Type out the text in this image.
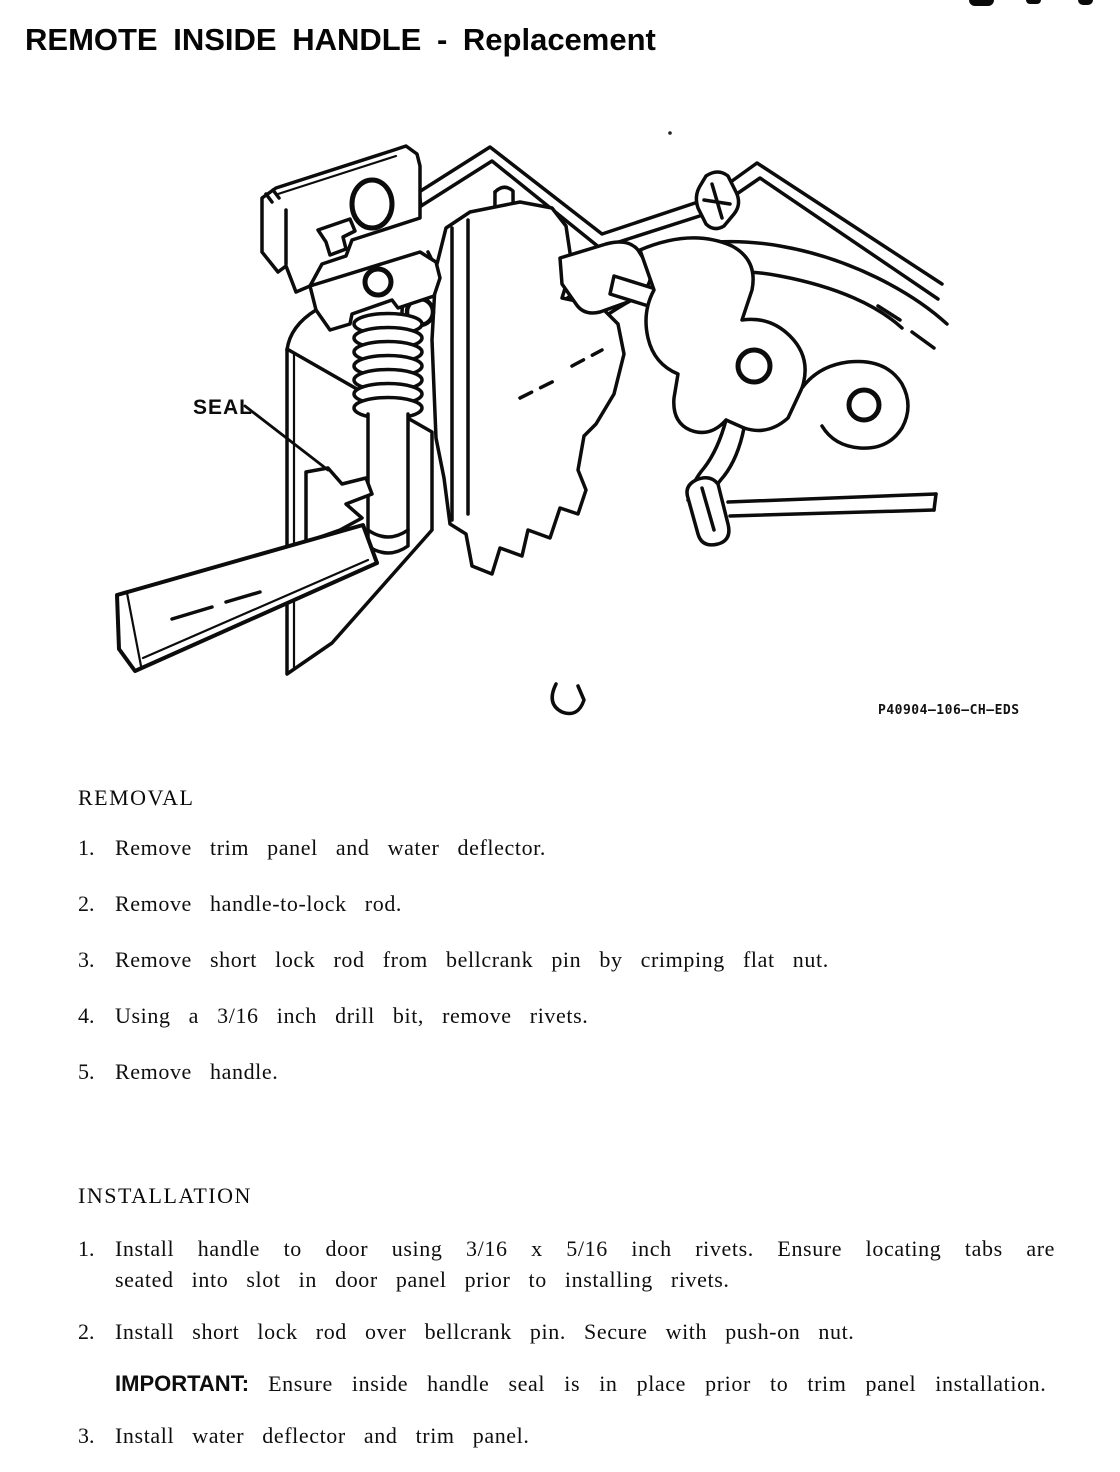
REMOTE INSIDE HANDLE - Replacement
SEAL
P40904–106–CH–EDS
REMOVAL
1. Remove trim panel and water deflector.
2. Remove handle-to-lock rod.
3. Remove short lock rod from bellcrank pin by crimping flat nut.
4. Using a 3/16 inch drill bit, remove rivets.
5. Remove handle.
INSTALLATION
1. Install handle to door using 3/16 x 5/16 inch rivets. Ensure locating tabs are seated into slot in door panel prior to installing rivets.
2. Install short lock rod over bellcrank pin. Secure with push-on nut.
IMPORTANT: Ensure inside handle seal is in place prior to trim panel installation.
3. Install water deflector and trim panel.
